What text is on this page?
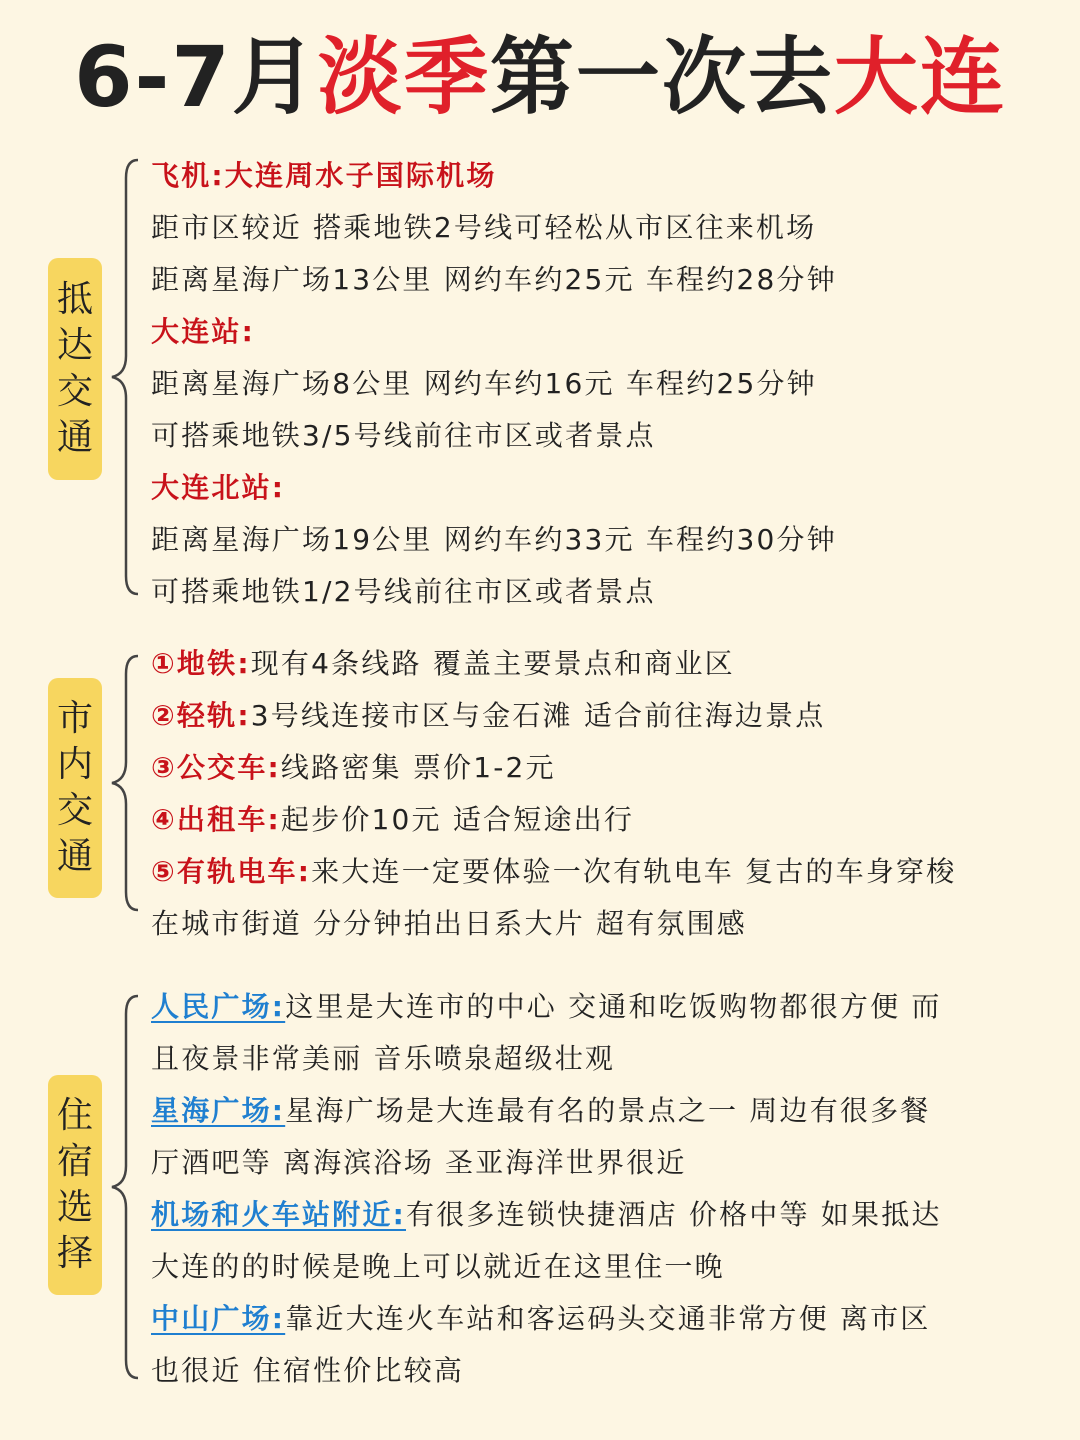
6-7月淡季第一次去大连
抵达交通
飞机:大连周水子国际机场
距市区较近 搭乘地铁2号线可轻松从市区往来机场
距离星海广场13公里 网约车约25元 车程约28分钟
大连站:
距离星海广场8公里 网约车约16元 车程约25分钟
可搭乘地铁3/5号线前往市区或者景点
大连北站:
距离星海广场19公里 网约车约33元 车程约30分钟
可搭乘地铁1/2号线前往市区或者景点
市内交通
①地铁:现有4条线路 覆盖主要景点和商业区
②轻轨:3号线连接市区与金石滩 适合前往海边景点
③公交车:线路密集 票价1-2元
④出租车:起步价10元 适合短途出行
⑤有轨电车:来大连一定要体验一次有轨电车 复古的车身穿梭
在城市街道 分分钟拍出日系大片 超有氛围感
住宿选择
人民广场:这里是大连市的中心 交通和吃饭购物都很方便 而
且夜景非常美丽 音乐喷泉超级壮观
星海广场:星海广场是大连最有名的景点之一 周边有很多餐
厅酒吧等 离海滨浴场 圣亚海洋世界很近
机场和火车站附近:有很多连锁快捷酒店 价格中等 如果抵达
大连的的时候是晚上可以就近在这里住一晚
中山广场:靠近大连火车站和客运码头交通非常方便 离市区
也很近 住宿性价比较高
